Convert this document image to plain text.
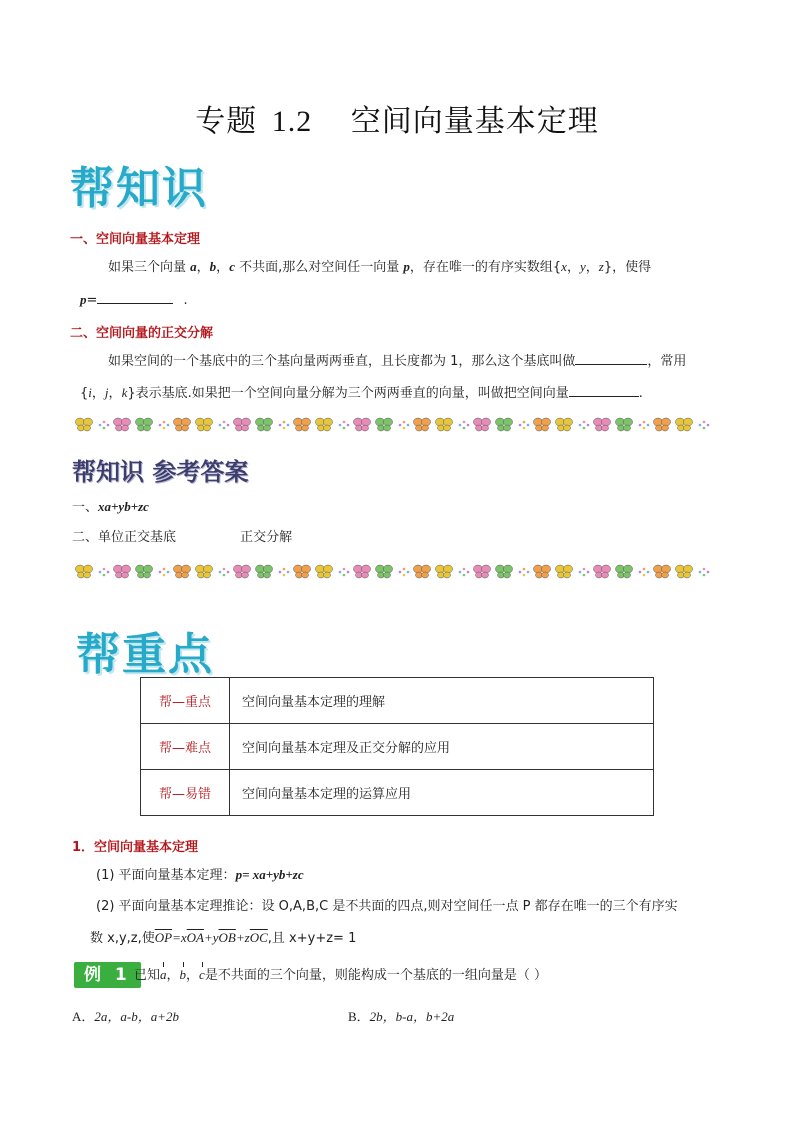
专题 1.2 空间向量基本定理
帮知识
一、空间向量基本定理
如果三个向量 a，b，c 不共面,那么对空间任一向量 p，存在唯一的有序实数组{x，y，z}，使得
p=	.
二、空间向量的正交分解
如果空间的一个基底中的三个基向量两两垂直，且长度都为 1，那么这个基底叫做	，常用
{i，j，k}表示基底.如果把一个空间向量分解为三个两两垂直的向量，叫做把空间向量	.
帮知识 参考答案
一、xa+yb+zc
二、单位正交基底	正交分解
帮重点
帮—重点	空间向量基本定理的理解
帮—难点	空间向量基本定理及正交分解的应用
帮—易错	空间向量基本定理的运算应用
1．空间向量基本定理
(1) 平面向量基本定理：p= xa+yb+zc
(2) 平面向量基本定理推论：设 O,A,B,C 是不共面的四点,则对空间任一点 P 都存在唯一的三个有序实
数 x,y,z,使$\overline{OP}=x\overline{OA}+y\overline{OB}+z\overline{OC}$,且 x+y+z= 1
例 1 已知a，b，c是不共面的三个向量，则能构成一个基底的一组向量是（ ）
A．2a，a-b，a+2b	B．2b，b-a，b+2a
